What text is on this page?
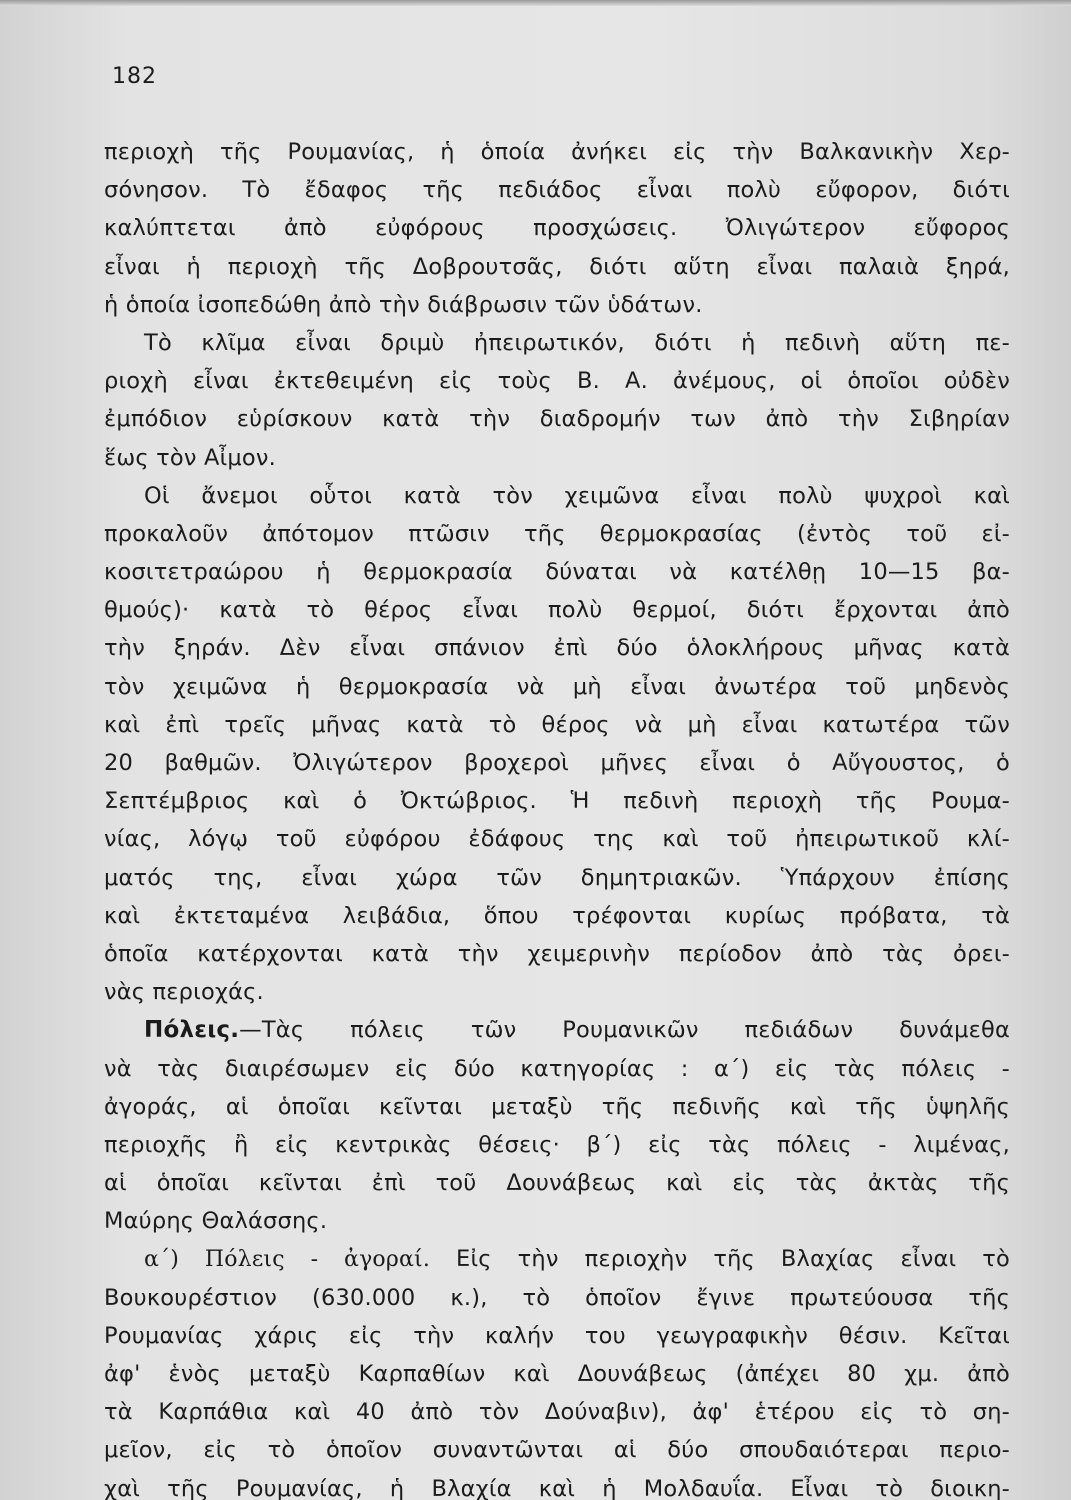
182
περιοχὴ τῆς Ρουμανίας, ἡ ὁποία ἀνήκει εἰς τὴν Βαλκανικὴν Χερ-
σόνησον. Τὸ ἔδαφος τῆς πεδιάδος εἶναι πολὺ εὔφορον, διότι
καλύπτεται ἀπὸ εὐφόρους προσχώσεις. Ὀλιγώτερον εὔφορος
εἶναι ἡ περιοχὴ τῆς Δοβρουτσᾶς, διότι αὕτη εἶναι παλαιὰ ξηρά,
ἡ ὁποία ἰσοπεδώθη ἀπὸ τὴν διάβρωσιν τῶν ὑδάτων.
Τὸ κλῖμα εἶναι δριμὺ ἠπειρωτικόν, διότι ἡ πεδινὴ αὕτη πε-
ριοχὴ εἶναι ἐκτεθειμένη εἰς τοὺς Β. Α. ἀνέμους, οἱ ὁποῖοι οὐδὲν
ἐμπόδιον εὑρίσκουν κατὰ τὴν διαδρομήν των ἀπὸ τὴν Σιβηρίαν
ἕως τὸν Αἶμον.
Οἱ ἄνεμοι οὗτοι κατὰ τὸν χειμῶνα εἶναι πολὺ ψυχροὶ καὶ
προκαλοῦν ἀπότομον πτῶσιν τῆς θερμοκρασίας (ἐντὸς τοῦ εἰ-
κοσιτετραώρου ἡ θερμοκρασία δύναται νὰ κατέλθῃ 10—15 βα-
θμούς)· κατὰ τὸ θέρος εἶναι πολὺ θερμοί, διότι ἔρχονται ἀπὸ
τὴν ξηράν. Δὲν εἶναι σπάνιον ἐπὶ δύο ὁλοκλήρους μῆνας κατὰ
τὸν χειμῶνα ἡ θερμοκρασία νὰ μὴ εἶναι ἀνωτέρα τοῦ μηδενὸς
καὶ ἐπὶ τρεῖς μῆνας κατὰ τὸ θέρος νὰ μὴ εἶναι κατωτέρα τῶν
20 βαθμῶν. Ὀλιγώτερον βροχεροὶ μῆνες εἶναι ὁ Αὔγουστος, ὁ
Σεπτέμβριος καὶ ὁ Ὀκτώβριος. Ἡ πεδινὴ περιοχὴ τῆς Ρουμα-
νίας, λόγῳ τοῦ εὐφόρου ἐδάφους της καὶ τοῦ ἠπειρωτικοῦ κλί-
ματός της, εἶναι χώρα τῶν δημητριακῶν. Ὑπάρχουν ἐπίσης
καὶ ἐκτεταμένα λειβάδια, ὅπου τρέφονται κυρίως πρόβατα, τὰ
ὁποῖα κατέρχονται κατὰ τὴν χειμερινὴν περίοδον ἀπὸ τὰς ὀρει-
νὰς περιοχάς.
Πόλεις.—Τὰς πόλεις τῶν Ρουμανικῶν πεδιάδων δυνάμεθα
νὰ τὰς διαιρέσωμεν εἰς δύο κατηγορίας : α΄) εἰς τὰς πόλεις -
ἀγοράς, αἱ ὁποῖαι κεῖνται μεταξὺ τῆς πεδινῆς καὶ τῆς ὑψηλῆς
περιοχῆς ἢ εἰς κεντρικὰς θέσεις· β΄) εἰς τὰς πόλεις - λιμένας,
αἱ ὁποῖαι κεῖνται ἐπὶ τοῦ Δουνάβεως καὶ εἰς τὰς ἀκτὰς τῆς
Μαύρης Θαλάσσης.
α΄) Πόλεις - ἀγοραί. Εἰς τὴν περιοχὴν τῆς Βλαχίας εἶναι τὸ
Βουκουρέστιον (630.000 κ.), τὸ ὁποῖον ἔγινε πρωτεύουσα τῆς
Ρουμανίας χάρις εἰς τὴν καλήν του γεωγραφικὴν θέσιν. Κεῖται
ἀφ' ἑνὸς μεταξὺ Καρπαθίων καὶ Δουνάβεως (ἀπέχει 80 χμ. ἀπὸ
τὰ Καρπάθια καὶ 40 ἀπὸ τὸν Δούναβιν), ἀφ' ἑτέρου εἰς τὸ ση-
μεῖον, εἰς τὸ ὁποῖον συναντῶνται αἱ δύο σπουδαιότεραι περιο-
χαὶ τῆς Ρουμανίας, ἡ Βλαχία καὶ ἡ Μολδαυΐα. Εἶναι τὸ διοικη-
